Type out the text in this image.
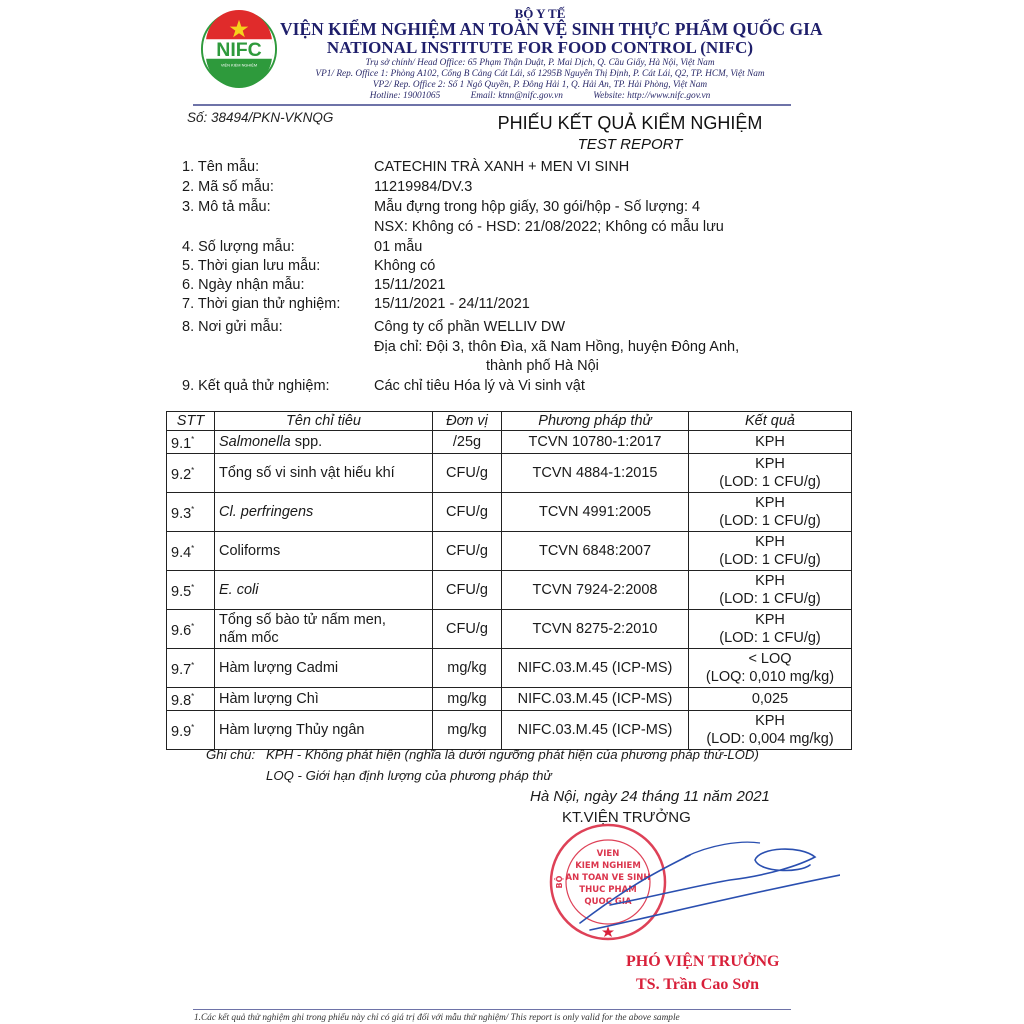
NIFC
VIỆN KIỂM NGHIỆM
BỘ Y TẾ
VIỆN KIỂM NGHIỆM AN TOÀN VỆ SINH THỰC PHẨM QUỐC GIA
NATIONAL INSTITUTE FOR FOOD CONTROL (NIFC)
Trụ sở chính/ Head Office: 65 Phạm Thận Duật, P. Mai Dịch, Q. Cầu Giấy, Hà Nội, Việt Nam
VP1/ Rep. Office 1: Phòng A102, Cổng B Cảng Cát Lái, số 1295B Nguyễn Thị Định, P. Cát Lái, Q2, TP. HCM, Việt Nam
VP2/ Rep. Office 2: Số 1 Ngô Quyền, P. Đông Hải 1, Q. Hải An, TP. Hải Phòng, Việt Nam
Hotline: 19001065	Email: ktnn@nifc.gov.vn	Website: http://www.nifc.gov.vn
Số: 38494/PKN-VKNQG	PHIẾU KẾT QUẢ KIỂM NGHIỆM
TEST REPORT
1. Tên mẫu:	CATECHIN TRÀ XANH + MEN VI SINH
2. Mã số mẫu:	11219984/DV.3
3. Mô tả mẫu:	Mẫu đựng trong hộp giấy, 30 gói/hộp - Số lượng: 4
NSX: Không có - HSD: 21/08/2022; Không có mẫu lưu
4. Số lượng mẫu:	01 mẫu
5. Thời gian lưu mẫu:	Không có
6. Ngày nhận mẫu:	15/11/2021
7. Thời gian thử nghiệm: 15/11/2021 - 24/11/2021
8. Nơi gửi mẫu:	Công ty cổ phần WELLIV DW
Địa chỉ: Đội 3, thôn Đìa, xã Nam Hồng, huyện Đông Anh,
thành phố Hà Nội
9. Kết quả thử nghiệm:	Các chỉ tiêu Hóa lý và Vi sinh vật
STT	Tên chỉ tiêu	Đơn vị	Phương pháp thử	Kết quả
9.1*	Salmonella spp.	/25g	TCVN 10780-1:2017	KPH
9.2*	Tổng số vi sinh vật hiếu khí	CFU/g	TCVN 4884-1:2015	KPH
(LOD: 1 CFU/g)
9.3*	Cl. perfringens	CFU/g	TCVN 4991:2005	KPH
(LOD: 1 CFU/g)
9.4*	Coliforms	CFU/g	TCVN 6848:2007	KPH
(LOD: 1 CFU/g)
9.5*	E. coli	CFU/g	TCVN 7924-2:2008	KPH
(LOD: 1 CFU/g)
9.6*	Tổng số bào tử nấm men,
nấm mốc	CFU/g	TCVN 8275-2:2010	KPH
(LOD: 1 CFU/g)
9.7*	Hàm lượng Cadmi	mg/kg	NIFC.03.M.45 (ICP-MS)	< LOQ
(LOQ: 0,010 mg/kg)
9.8*	Hàm lượng Chì	mg/kg	NIFC.03.M.45 (ICP-MS)	0,025
9.9*	Hàm lượng Thủy ngân	mg/kg	NIFC.03.M.45 (ICP-MS)	KPH
(LOD: 0,004 mg/kg)
Ghi chú: KPH - Không phát hiện (nghĩa là dưới ngưỡng phát hiện của phương pháp thử-LOD)
LOQ - Giới hạn định lượng của phương pháp thử
Hà Nội, ngày 24 tháng 11 năm 2021
KT.VIỆN TRƯỞNG
VIEN
KIEM NGHIEM
AN TOAN VE SINH
THUC PHAM
QUOC GIA
BỘ
PHÓ VIỆN TRƯỞNG
TS. Trần Cao Sơn
1.Các kết quả thử nghiệm ghi trong phiếu này chỉ có giá trị đối với mẫu thử nghiệm/ This report is only valid for the above sample
